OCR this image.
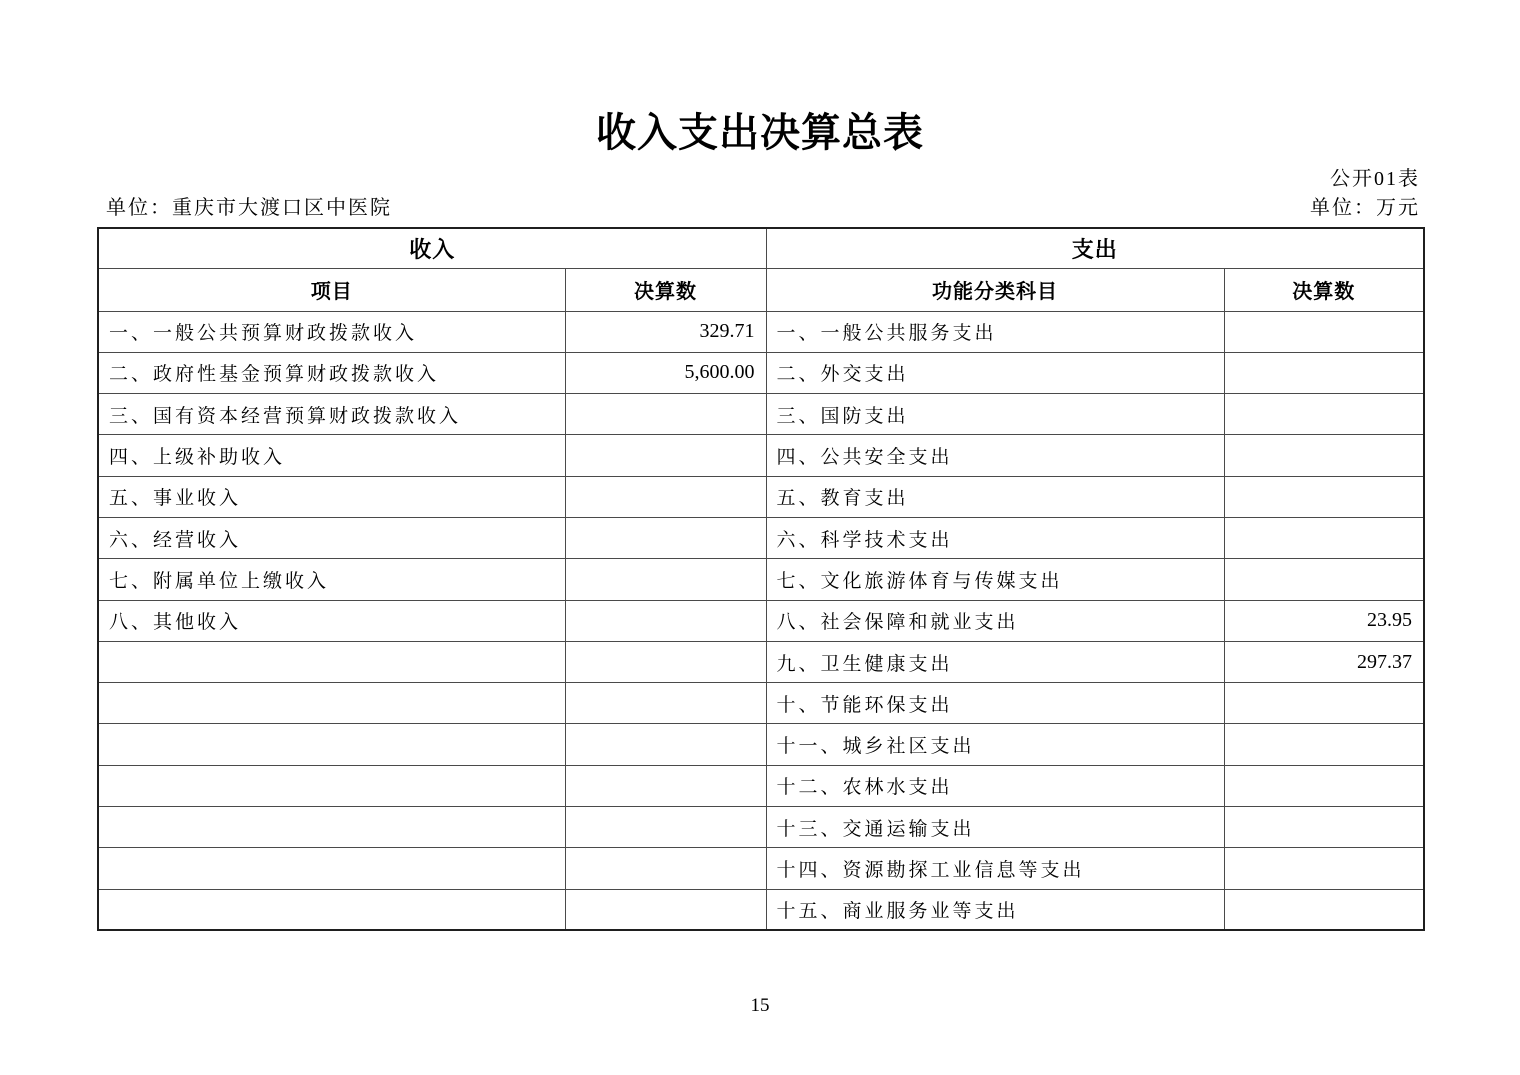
收入支出决算总表
公开01表
单位：重庆市大渡口区中医院	单位：万元
收入		支出	
项目	决算数	功能分类科目	决算数
一、一般公共预算财政拨款收入	329.71	一、一般公共服务支出	
二、政府性基金预算财政拨款收入	5,600.00	二、外交支出	
三、国有资本经营预算财政拨款收入		三、国防支出	
四、上级补助收入		四、公共安全支出	
五、事业收入		五、教育支出	
六、经营收入		六、科学技术支出	
七、附属单位上缴收入		七、文化旅游体育与传媒支出	
八、其他收入		八、社会保障和就业支出	23.95
		九、卫生健康支出	297.37
		十、节能环保支出	
		十一、城乡社区支出	
		十二、农林水支出	
		十三、交通运输支出	
		十四、资源勘探工业信息等支出	
		十五、商业服务业等支出	
15
